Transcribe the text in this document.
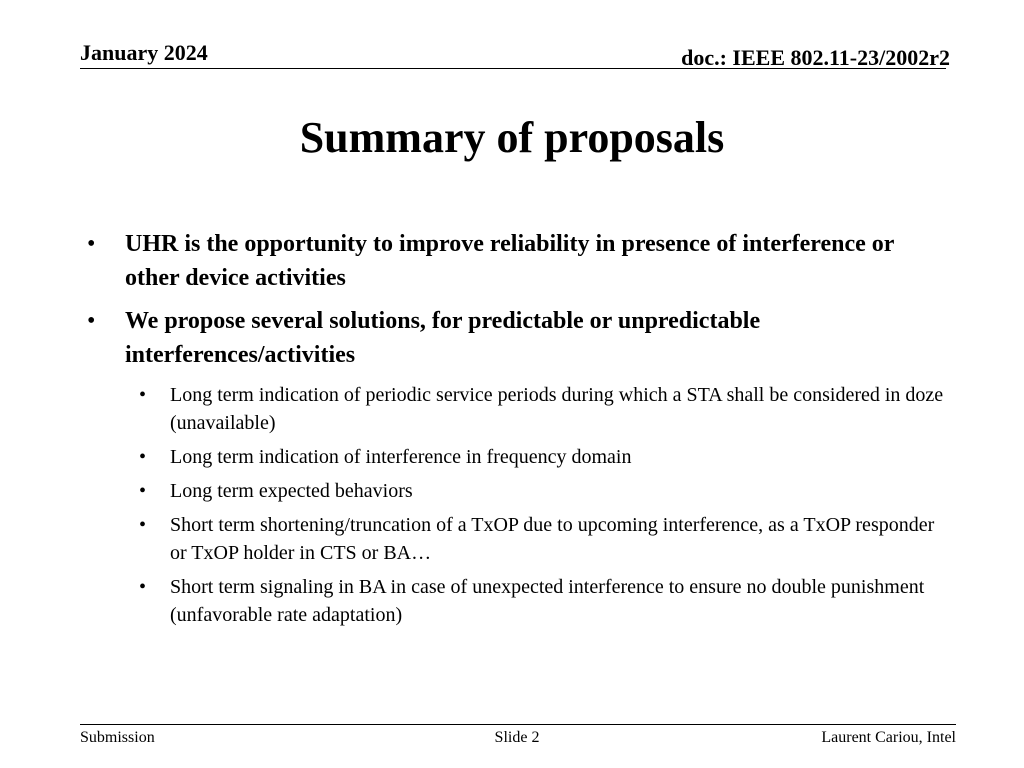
January 2024	doc.: IEEE 802.11-23/2002r2
Summary of proposals
• UHR is the opportunity to improve reliability in presence of interference or other device activities
• We propose several solutions, for predictable or unpredictable interferences/activities
• Long term indication of periodic service periods during which a STA shall be considered in doze (unavailable)
• Long term indication of interference in frequency domain
• Long term expected behaviors
• Short term shortening/truncation of a TxOP due to upcoming interference, as a TxOP responder or TxOP holder in CTS or BA…
• Short term signaling in BA in case of unexpected interference to ensure no double punishment (unfavorable rate adaptation)
Submission	Slide 2	Laurent Cariou, Intel
